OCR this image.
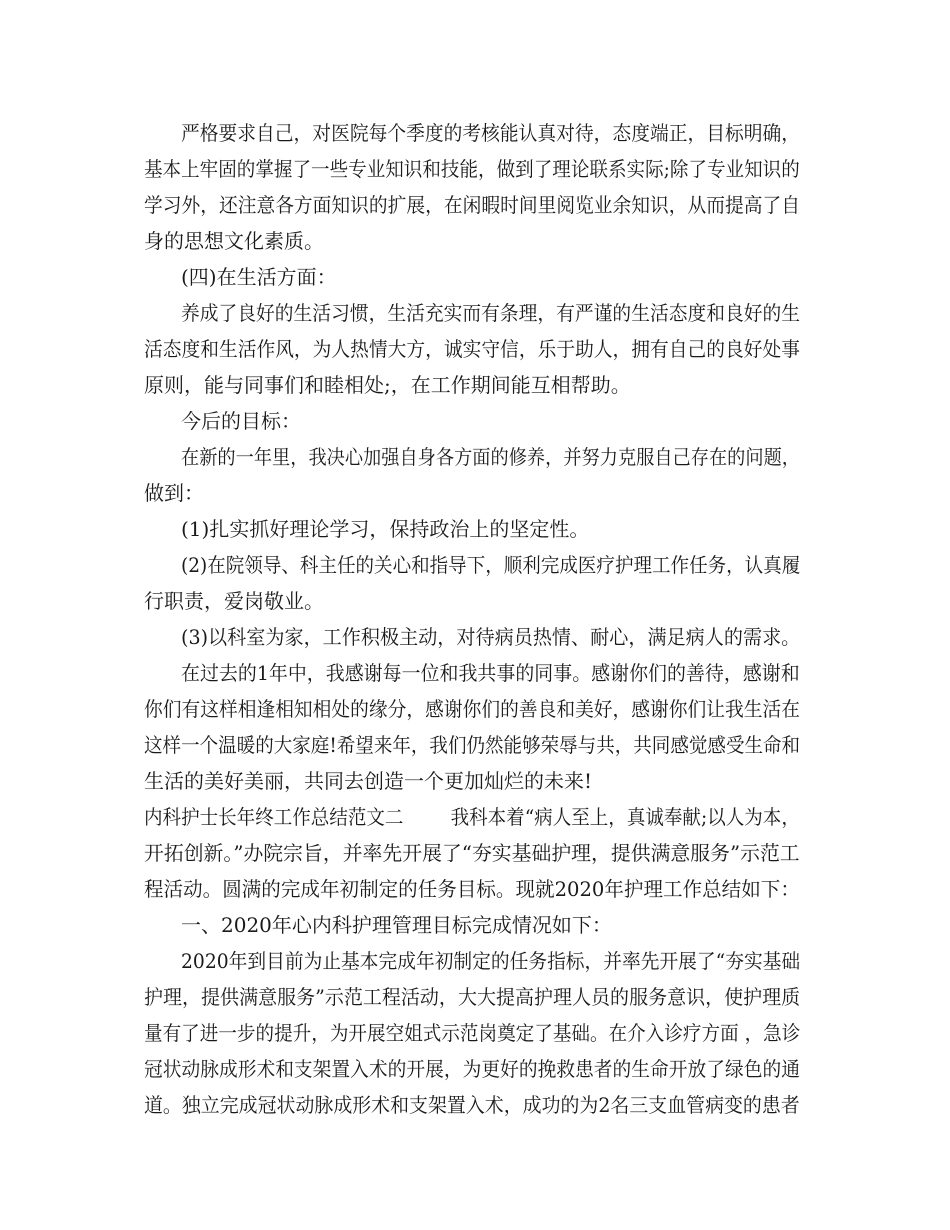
严格要求自己，对医院每个季度的考核能认真对待，态度端正，目标明确，

基本上牢固的掌握了一些专业知识和技能，做到了理论联系实际;除了专业知识的

学习外，还注意各方面知识的扩展，在闲暇时间里阅览业余知识，从而提高了自

身的思想文化素质。

(四)在生活方面：

养成了良好的生活习惯，生活充实而有条理，有严谨的生活态度和良好的生

活态度和生活作风，为人热情大方，诚实守信，乐于助人，拥有自己的良好处事

原则，能与同事们和睦相处;，在工作期间能互相帮助。

今后的目标：

在新的一年里，我决心加强自身各方面的修养，并努力克服自己存在的问题，

做到：

(1)扎实抓好理论学习，保持政治上的坚定性。

(2)在院领导、科主任的关心和指导下，顺利完成医疗护理工作任务，认真履

行职责，爱岗敬业。

(3)以科室为家，工作积极主动，对待病员热情、耐心，满足病人的需求。

在过去的1年中，我感谢每一位和我共事的同事。感谢你们的善待，感谢和

你们有这样相逢相知相处的缘分，感谢你们的善良和美好，感谢你们让我生活在

这样一个温暖的大家庭!希望来年，我们仍然能够荣辱与共，共同感觉感受生命和

生活的美好美丽，共同去创造一个更加灿烂的未来!

内科护士长年终工作总结范文二        我科本着“病人至上，真诚奉献;以人为本，

开拓创新。”办院宗旨，并率先开展了“夯实基础护理，提供满意服务”示范工

程活动。圆满的完成年初制定的任务目标。现就2020年护理工作总结如下：

一、2020年心内科护理管理目标完成情况如下：

2020年到目前为止基本完成年初制定的任务指标，并率先开展了“夯实基础

护理，提供满意服务”示范工程活动，大大提高护理人员的服务意识，使护理质

量有了进一步的提升，为开展空姐式示范岗奠定了基础。在介入诊疗方面 ，急诊

冠状动脉成形术和支架置入术的开展，为更好的挽救患者的生命开放了绿色的通

道。独立完成冠状动脉成形术和支架置入术，成功的为2名三支血管病变的患者
